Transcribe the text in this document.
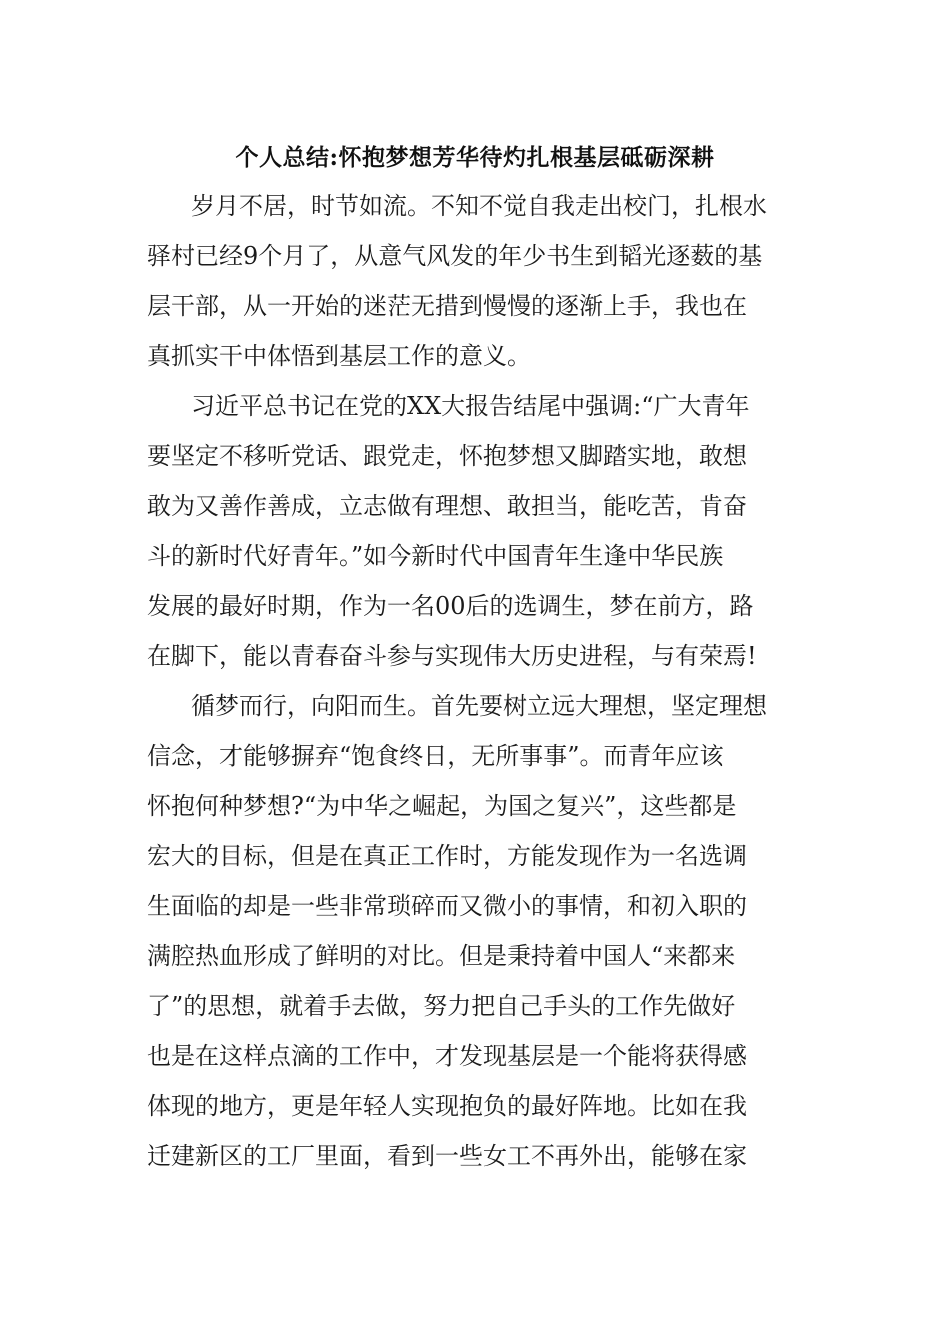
个人总结:怀抱梦想芳华待灼扎根基层砥砺深耕

岁月不居，时节如流。不知不觉自我走出校门，扎根水
驿村已经9个月了，从意气风发的年少书生到韬光逐薮的基
层干部，从一开始的迷茫无措到慢慢的逐渐上手，我也在
真抓实干中体悟到基层工作的意义。

习近平总书记在党的XX大报告结尾中强调:“广大青年
要坚定不移听党话、跟党走，怀抱梦想又脚踏实地，敢想
敢为又善作善成，立志做有理想、敢担当，能吃苦，肯奋
斗的新时代好青年。”如今新时代中国青年生逢中华民族
发展的最好时期，作为一名00后的选调生，梦在前方，路
在脚下，能以青春奋斗参与实现伟大历史进程，与有荣焉!

循梦而行，向阳而生。首先要树立远大理想，坚定理想
信念，才能够摒弃“饱食终日，无所事事”。而青年应该
怀抱何种梦想?“为中华之崛起，为国之复兴”，这些都是
宏大的目标，但是在真正工作时，方能发现作为一名选调
生面临的却是一些非常琐碎而又微小的事情，和初入职的
满腔热血形成了鲜明的对比。但是秉持着中国人“来都来
了”的思想，就着手去做，努力把自己手头的工作先做好
也是在这样点滴的工作中，才发现基层是一个能将获得感
体现的地方，更是年轻人实现抱负的最好阵地。比如在我
迁建新区的工厂里面，看到一些女工不再外出，能够在家
